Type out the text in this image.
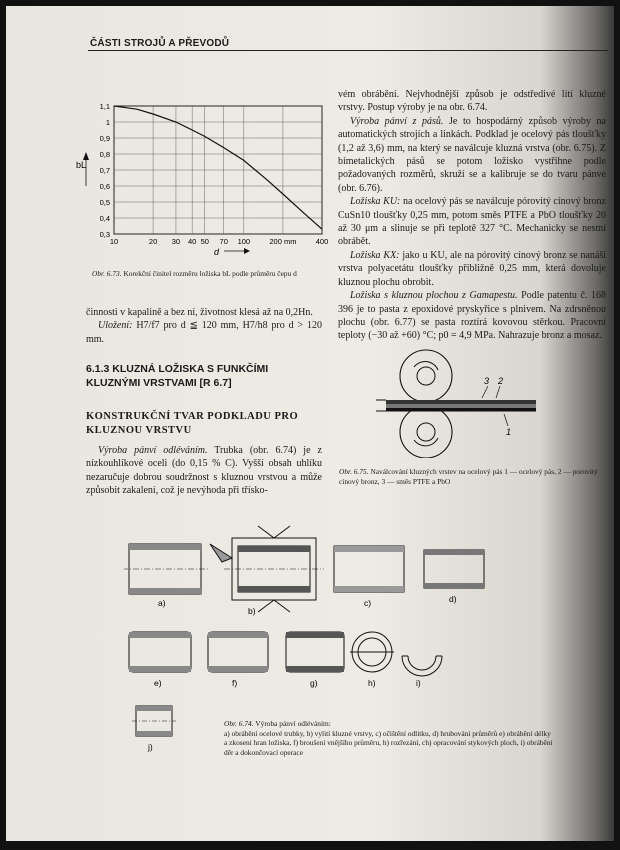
ČÁSTI STROJŮ A PŘEVODŮ
1,1
1
0,9
0,8
0,7
0,6
0,5
0,4
0,3
10	20 30 40 50 70 100	200 mm	400
bL
d
Obr. 6.73. Korekční činitel rozměru ložiska bL podle průměru čepu d

činnosti v kapalině a bez ní, životnost klesá až na 0,2Hn.

Uložení: H7/f7 pro d ≦ 120 mm, H7/h8 pro d > 120 mm.

6.1.3 KLUZNÁ LOŽISKA S FUNKČÍMI KLUZNÝMI VRSTVAMI [R 6.7]
KONSTRUKČNÍ TVAR PODKLADU PRO KLUZNOU VRSTVU

Výroba pánví odléváním. Trubka (obr. 6.74) je z nízkouhlíkové oceli (do 0,15 % C). Vyšší obsah uhlíku nezaručuje dobrou soudržnost s kluznou vrstvou a může způsobit zakalení, což je nevýhoda při třísko-

vém obrábění. Nejvhodnější způsob je odstředivé lití kluzné vrstvy. Postup výroby je na obr. 6.74.

Výroba pánví z pásů. Je to hospodárný způsob výroby na automatických strojích a linkách. Podklad je ocelový pás tloušťky (1,2 až 3,6) mm, na který se naválcuje kluzná vrstva (obr. 6.75). Z bimetalických pásů se potom ložisko vystřihne podle požadovaných rozměrů, skruží se a kalibruje se do tvaru pánve (obr. 6.76).

Ložiska KU: na ocelový pás se naválcuje pórovitý cínový bronz CuSn10 tloušťky 0,25 mm, potom směs PTFE a PbO tloušťky 20 až 30 μm a slinuje se při teplotě 327 °C. Mechanicky se nesmí obrábět.

Ložiska KX: jako u KU, ale na pórovitý cínový bronz se nanáší vrstva polyacetátu tloušťky přibližně 0,25 mm, která dovoluje kluznou plochu obrobit.

Ložiska s kluznou plochou z Gamapestu. Podle patentu č. 168 396 je to pasta z epoxidové pryskyřice s plnivem. Na zdrsněnou plochu (obr. 6.77) se pasta roztírá kovovou stěrkou. Pracovní teploty (−30 až +60) °C; p0 = 4,9 MPa. Nahrazuje bronz a mosaz.

3 2
1
Obr. 6.75. Naválcování kluzných vrstev na ocelový pás 1 — ocelový pás, 2 — porovitý cínový bronz, 3 — směs PTFE a PbO
a)
b)
c)	d)
e)	f)	g)	h)	i)
j)
Obr. 6.74. Výroba pánví odléváním:
a) obrábění ocelové trubky, b) vylití kluzné vrstvy, c) očištění odlitku, d) hrubování průměrů e) obrábění délky a zkosení hran ložiska, f) broušení vnějšího průměru, h) rozřezání, ch) opracování stykových ploch, i) obrábění děr a dokončovací operace
